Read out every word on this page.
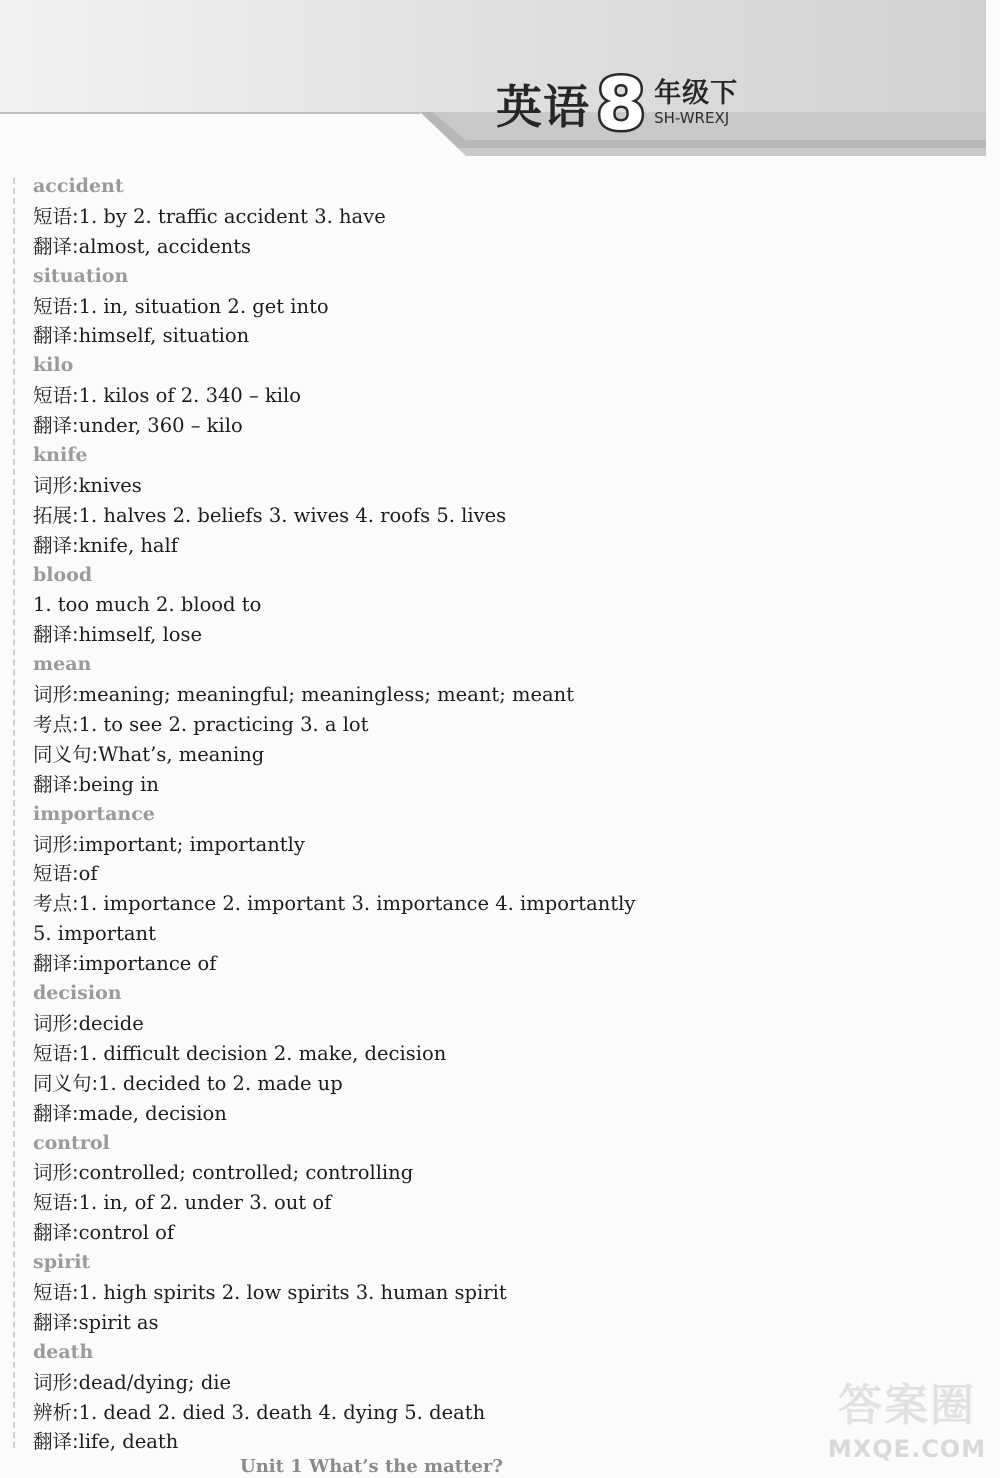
英语 8 年级下
SH-WREXJ
accident
短语:1. by 2. traffic accident 3. have
翻译:almost, accidents
situation
短语:1. in, situation 2. get into
翻译:himself, situation
kilo
短语:1. kilos of 2. 340 – kilo
翻译:under, 360 – kilo
knife
词形:knives
拓展:1. halves 2. beliefs 3. wives 4. roofs 5. lives
翻译:knife, half
blood
1. too much 2. blood to
翻译:himself, lose
mean
词形:meaning; meaningful; meaningless; meant; meant
考点:1. to see 2. practicing 3. a lot
同义句:What’s, meaning
翻译:being in
importance
词形:important; importantly
短语:of
考点:1. importance 2. important 3. importance 4. importantly
5. important
翻译:importance of
decision
词形:decide
短语:1. difficult decision 2. make, decision
同义句:1. decided to 2. made up
翻译:made, decision
control
词形:controlled; controlled; controlling
短语:1. in, of 2. under 3. out of
翻译:control of
spirit
短语:1. high spirits 2. low spirits 3. human spirit
翻译:spirit as
death
词形:dead/dying; die
辨析:1. dead 2. died 3. death 4. dying 5. death
翻译:life, death
Unit 1 What’s the matter?
答案圈
MXQE.COM
